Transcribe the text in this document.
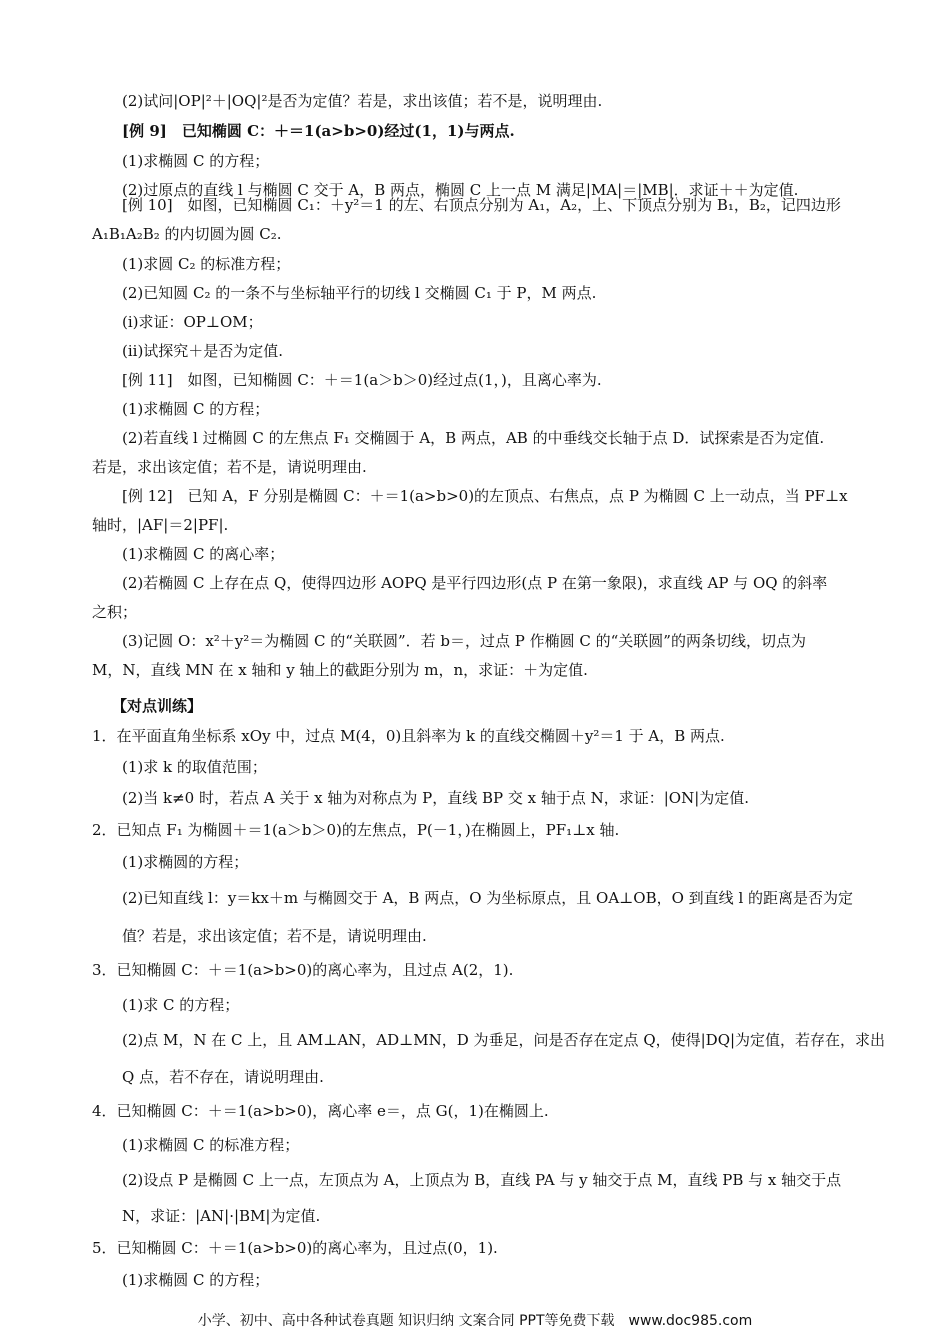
(2)试问|OP|²＋|OQ|²是否为定值？若是，求出该值；若不是，说明理由.
[例 9]　已知椭圆 C：＋＝1(a>b>0)经过(1，1)与两点.
(1)求椭圆 C 的方程；
(2)过原点的直线 l 与椭圆 C 交于 A，B 两点，椭圆 C 上一点 M 满足|MA|＝|MB|．求证＋＋为定值.
[例 10]　如图，已知椭圆 C₁：＋y²＝1 的左、右顶点分别为 A₁，A₂，上、下顶点分别为 B₁，B₂，记四边形
A₁B₁A₂B₂ 的内切圆为圆 C₂.
(1)求圆 C₂ 的标准方程；
(2)已知圆 C₂ 的一条不与坐标轴平行的切线 l 交椭圆 C₁ 于 P，M 两点.
(i)求证：OP⊥OM；
(ii)试探究＋是否为定值.
[例 11]　如图，已知椭圆 C：＋＝1(a＞b＞0)经过点(1，)，且离心率为.
(1)求椭圆 C 的方程；
(2)若直线 l 过椭圆 C 的左焦点 F₁ 交椭圆于 A，B 两点，AB 的中垂线交长轴于点 D．试探索是否为定值.
若是，求出该定值；若不是，请说明理由.
[例 12]　已知 A，F 分别是椭圆 C：＋＝1(a>b>0)的左顶点、右焦点，点 P 为椭圆 C 上一动点，当 PF⊥x
轴时，|AF|＝2|PF|.
(1)求椭圆 C 的离心率；
(2)若椭圆 C 上存在点 Q，使得四边形 AOPQ 是平行四边形(点 P 在第一象限)，求直线 AP 与 OQ 的斜率
之积；
(3)记圆 O：x²＋y²＝为椭圆 C 的“关联圆”．若 b＝，过点 P 作椭圆 C 的“关联圆”的两条切线，切点为
M，N，直线 MN 在 x 轴和 y 轴上的截距分别为 m，n，求证：＋为定值.
【对点训练】
1．在平面直角坐标系 xOy 中，过点 M(4，0)且斜率为 k 的直线交椭圆＋y²＝1 于 A，B 两点.
(1)求 k 的取值范围；
(2)当 k≠0 时，若点 A 关于 x 轴为对称点为 P，直线 BP 交 x 轴于点 N，求证：|ON|为定值.
2．已知点 F₁ 为椭圆＋＝1(a＞b＞0)的左焦点，P(－1，)在椭圆上，PF₁⊥x 轴.
(1)求椭圆的方程；
(2)已知直线 l：y＝kx＋m 与椭圆交于 A，B 两点，O 为坐标原点，且 OA⊥OB，O 到直线 l 的距离是否为定
值？若是，求出该定值；若不是，请说明理由.
3．已知椭圆 C：＋＝1(a>b>0)的离心率为，且过点 A(2，1).
(1)求 C 的方程；
(2)点 M，N 在 C 上，且 AM⊥AN，AD⊥MN，D 为垂足，问是否存在定点 Q，使得|DQ|为定值，若存在，求出
Q 点，若不存在，请说明理由.
4．已知椭圆 C：＋＝1(a>b>0)，离心率 e＝，点 G(，1)在椭圆上.
(1)求椭圆 C 的标准方程；
(2)设点 P 是椭圆 C 上一点，左顶点为 A，上顶点为 B，直线 PA 与 y 轴交于点 M，直线 PB 与 x 轴交于点
N，求证：|AN|·|BM|为定值.
5．已知椭圆 C：＋＝1(a>b>0)的离心率为，且过点(0，1).
(1)求椭圆 C 的方程；
小学、初中、高中各种试卷真题 知识归纳 文案合同 PPT等免费下载　www.doc985.com
